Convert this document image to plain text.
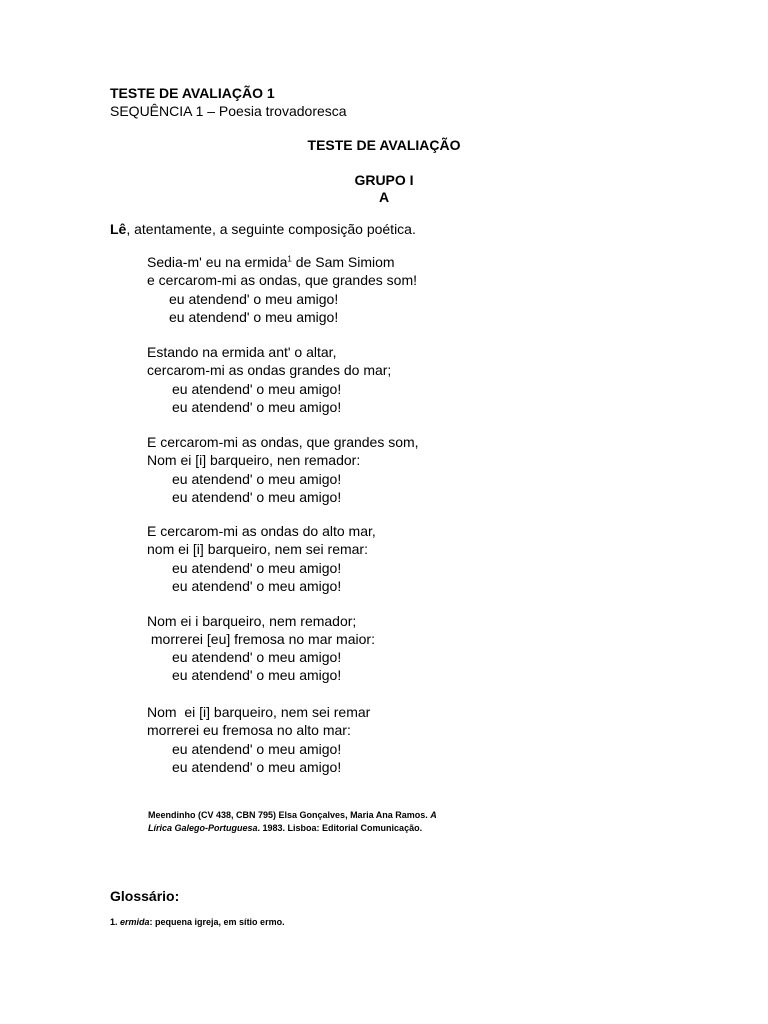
TESTE DE AVALIAÇÃO 1
SEQUÊNCIA 1 – Poesia trovadoresca
TESTE DE AVALIAÇÃO
GRUPO I
A
Lê, atentamente, a seguinte composição poética.
Sedia-m' eu na ermida$^1$ de Sam Simiom
e cercarom-mi as ondas, que grandes som!
eu atendend' o meu amigo!
eu atendend' o meu amigo!
Estando na ermida ant' o altar,
cercarom-mi as ondas grandes do mar;
eu atendend' o meu amigo!
eu atendend' o meu amigo!
E cercarom-mi as ondas, que grandes som,
Nom ei [i] barqueiro, nen remador:
eu atendend' o meu amigo!
eu atendend' o meu amigo!
E cercarom-mi as ondas do alto mar,
nom ei [i] barqueiro, nem sei remar:
eu atendend' o meu amigo!
eu atendend' o meu amigo!
Nom ei i barqueiro, nem remador;
morrerei [eu] fremosa no mar maior:
eu atendend' o meu amigo!
eu atendend' o meu amigo!
Nom  ei [i] barqueiro, nem sei remar
morrerei eu fremosa no alto mar:
eu atendend' o meu amigo!
eu atendend' o meu amigo!
Meendinho (CV 438, CBN 795) Elsa Gonçalves, Maria Ana Ramos. A
Lírica Galego-Portuguesa. 1983. Lisboa: Editorial Comunicação.
Glossário:
1. ermida: pequena igreja, em sítio ermo.
